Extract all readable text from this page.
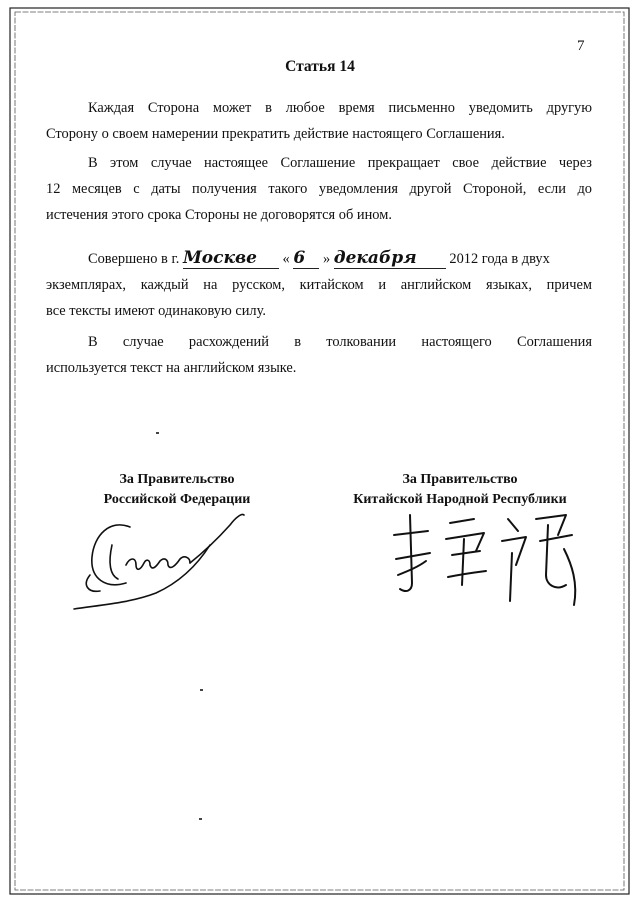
7
Статья 14
Каждая Сторона может в любое время письменно уведомить другую
Сторону о своем намерении прекратить действие настоящего Соглашения.
В этом случае настоящее Соглашение прекращает свое действие через
12 месяцев с даты получения такого уведомления другой Стороной, если до
истечения этого срока Стороны не договорятся об ином.
Совершено в г. Москве « 6 » декабря 2012 года в двух
экземплярах, каждый на русском, китайском и английском языках, причем
все тексты имеют одинаковую силу.
В случае расхождений в толковании настоящего Соглашения
используется текст на английском языке.
За Правительство
Российской Федерации
За Правительство
Китайской Народной Республики
